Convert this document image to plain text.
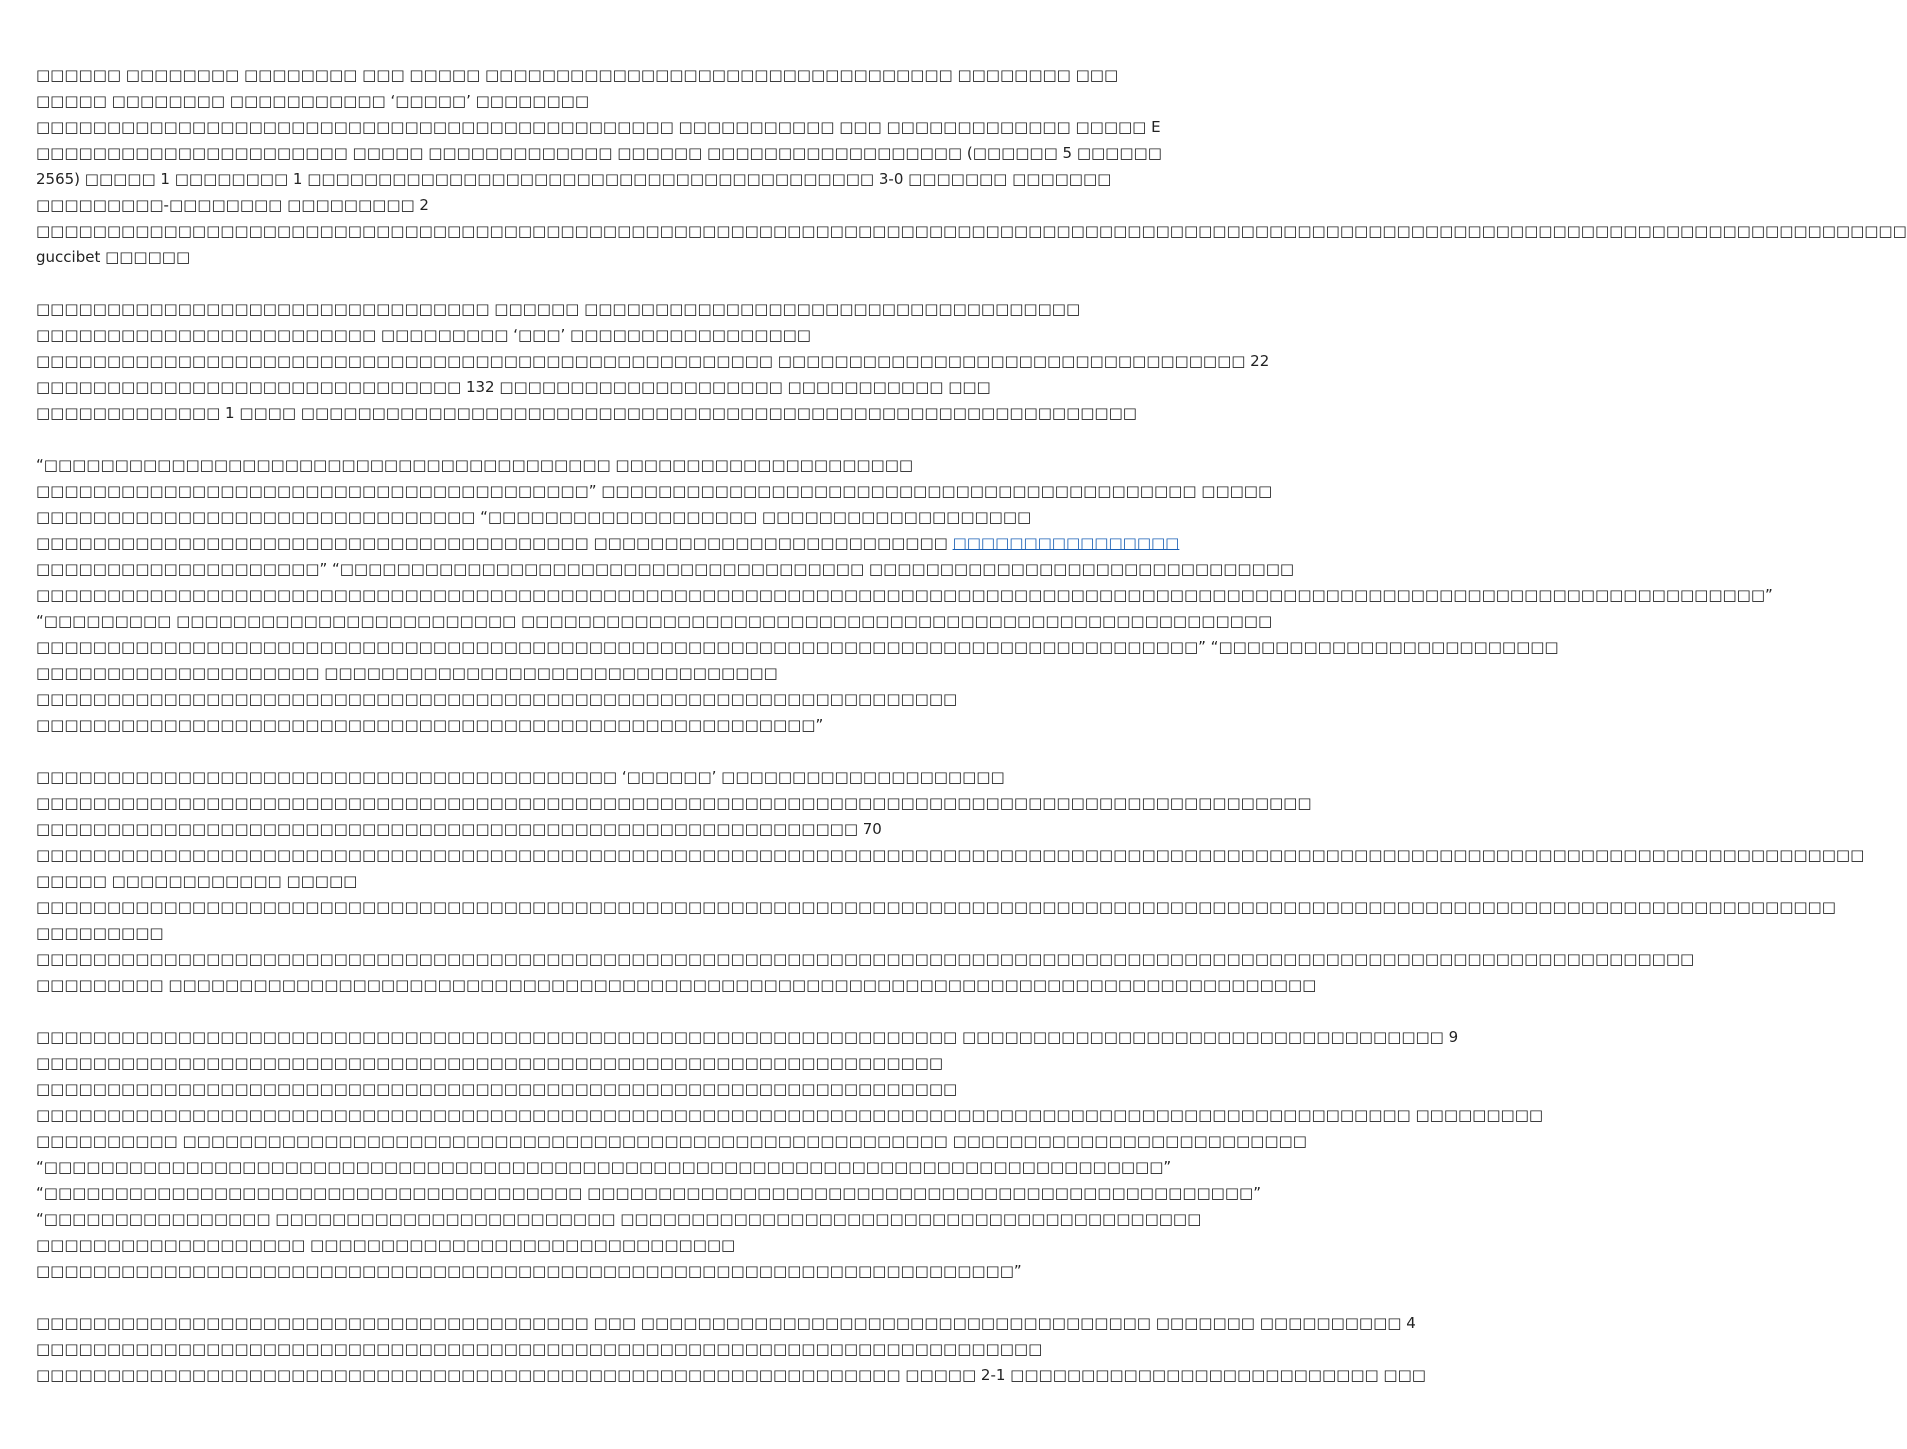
□□□□□□ □□□□□□□□ □□□□□□□□ □□□ □□□□□ □□□□□□□□□□□□□□□□□□□□□□□□□□□□□□□□□ □□□□□□□□ □□□
□□□□□ □□□□□□□□ □□□□□□□□□□□ ‘□□□□□’ □□□□□□□□
□□□□□□□□□□□□□□□□□□□□□□□□□□□□□□□□□□□□□□□□□□□□□ □□□□□□□□□□□ □□□ □□□□□□□□□□□□□ □□□□□ E
□□□□□□□□□□□□□□□□□□□□□□ □□□□□ □□□□□□□□□□□□□ □□□□□□ □□□□□□□□□□□□□□□□□□ (□□□□□□ 5 □□□□□□
2565) □□□□□ 1 □□□□□□□□ 1 □□□□□□□□□□□□□□□□□□□□□□□□□□□□□□□□□□□□□□□□ 3-0 □□□□□□□ □□□□□□□
□□□□□□□□□-□□□□□□□□ □□□□□□□□□ 2
□□□□□□□□□□□□□□□□□□□□□□□□□□□□□□□□□□□□□□□□□□□□□□□□□□□□□□□□□□□□□□□□□□□□□□□□□□□□□□□□□□□□□□□□□□□□□□□□□□□□□□□□□□□□□□□□□□□□□□□□□□□□□□□□□□□□
guccibet □□□□□□
□□□□□□□□□□□□□□□□□□□□□□□□□□□□□□□□ □□□□□□ □□□□□□□□□□□□□□□□□□□□□□□□□□□□□□□□□□□
□□□□□□□□□□□□□□□□□□□□□□□□ □□□□□□□□□ ‘□□□’ □□□□□□□□□□□□□□□□□
□□□□□□□□□□□□□□□□□□□□□□□□□□□□□□□□□□□□□□□□□□□□□□□□□□□□ □□□□□□□□□□□□□□□□□□□□□□□□□□□□□□□□□ 22
□□□□□□□□□□□□□□□□□□□□□□□□□□□□□□ 132 □□□□□□□□□□□□□□□□□□□□ □□□□□□□□□□□ □□□
□□□□□□□□□□□□□ 1 □□□□ □□□□□□□□□□□□□□□□□□□□□□□□□□□□□□□□□□□□□□□□□□□□□□□□□□□□□□□□□□□
“□□□□□□□□□□□□□□□□□□□□□□□□□□□□□□□□□□□□□□□□ □□□□□□□□□□□□□□□□□□□□□
□□□□□□□□□□□□□□□□□□□□□□□□□□□□□□□□□□□□□□□” □□□□□□□□□□□□□□□□□□□□□□□□□□□□□□□□□□□□□□□□□□ □□□□□
□□□□□□□□□□□□□□□□□□□□□□□□□□□□□□□ “□□□□□□□□□□□□□□□□□□□ □□□□□□□□□□□□□□□□□□□
□□□□□□□□□□□□□□□□□□□□□□□□□□□□□□□□□□□□□□□ □□□□□□□□□□□□□□□□□□□□□□□□□ □□□□□□□□□□□□□□□□
□□□□□□□□□□□□□□□□□□□□” “□□□□□□□□□□□□□□□□□□□□□□□□□□□□□□□□□□□□□ □□□□□□□□□□□□□□□□□□□□□□□□□□□□□□
□□□□□□□□□□□□□□□□□□□□□□□□□□□□□□□□□□□□□□□□□□□□□□□□□□□□□□□□□□□□□□□□□□□□□□□□□□□□□□□□□□□□□□□□□□□□□□□□□□□□□□□□□□□□□□□□□□□□□□□□□□”
“□□□□□□□□□ □□□□□□□□□□□□□□□□□□□□□□□□ □□□□□□□□□□□□□□□□□□□□□□□□□□□□□□□□□□□□□□□□□□□□□□□□□□□□□
□□□□□□□□□□□□□□□□□□□□□□□□□□□□□□□□□□□□□□□□□□□□□□□□□□□□□□□□□□□□□□□□□□□□□□□□□□□□□□□□□□” “□□□□□□□□□□□□□□□□□□□□□□□□
□□□□□□□□□□□□□□□□□□□□ □□□□□□□□□□□□□□□□□□□□□□□□□□□□□□□□
□□□□□□□□□□□□□□□□□□□□□□□□□□□□□□□□□□□□□□□□□□□□□□□□□□□□□□□□□□□□□□□□□
□□□□□□□□□□□□□□□□□□□□□□□□□□□□□□□□□□□□□□□□□□□□□□□□□□□□□□□”
□□□□□□□□□□□□□□□□□□□□□□□□□□□□□□□□□□□□□□□□□ ‘□□□□□□’ □□□□□□□□□□□□□□□□□□□□
□□□□□□□□□□□□□□□□□□□□□□□□□□□□□□□□□□□□□□□□□□□□□□□□□□□□□□□□□□□□□□□□□□□□□□□□□□□□□□□□□□□□□□□□□□
□□□□□□□□□□□□□□□□□□□□□□□□□□□□□□□□□□□□□□□□□□□□□□□□□□□□□□□□□□ 70
□□□□□□□□□□□□□□□□□□□□□□□□□□□□□□□□□□□□□□□□□□□□□□□□□□□□□□□□□□□□□□□□□□□□□□□□□□□□□□□□□□□□□□□□□□□□□□□□□□□□□□□□□□□□□□□□□□□□□□□□□□□□□□□□□
□□□□□ □□□□□□□□□□□□ □□□□□
□□□□□□□□□□□□□□□□□□□□□□□□□□□□□□□□□□□□□□□□□□□□□□□□□□□□□□□□□□□□□□□□□□□□□□□□□□□□□□□□□□□□□□□□□□□□□□□□□□□□□□□□□□□□□□□□□□□□□□□□□□□□□□□
□□□□□□□□□
□□□□□□□□□□□□□□□□□□□□□□□□□□□□□□□□□□□□□□□□□□□□□□□□□□□□□□□□□□□□□□□□□□□□□□□□□□□□□□□□□□□□□□□□□□□□□□□□□□□□□□□□□□□□□□□□□□□□□
□□□□□□□□□ □□□□□□□□□□□□□□□□□□□□□□□□□□□□□□□□□□□□□□□□□□□□□□□□□□□□□□□□□□□□□□□□□□□□□□□□□□□□□□□□□
□□□□□□□□□□□□□□□□□□□□□□□□□□□□□□□□□□□□□□□□□□□□□□□□□□□□□□□□□□□□□□□□□ □□□□□□□□□□□□□□□□□□□□□□□□□□□□□□□□□□ 9
□□□□□□□□□□□□□□□□□□□□□□□□□□□□□□□□□□□□□□□□□□□□□□□□□□□□□□□□□□□□□□□□
□□□□□□□□□□□□□□□□□□□□□□□□□□□□□□□□□□□□□□□□□□□□□□□□□□□□□□□□□□□□□□□□□
□□□□□□□□□□□□□□□□□□□□□□□□□□□□□□□□□□□□□□□□□□□□□□□□□□□□□□□□□□□□□□□□□□□□□□□□□□□□□□□□□□□□□□□□□□□□□□□□□ □□□□□□□□□
□□□□□□□□□□ □□□□□□□□□□□□□□□□□□□□□□□□□□□□□□□□□□□□□□□□□□□□□□□□□□□□□□ □□□□□□□□□□□□□□□□□□□□□□□□□
“□□□□□□□□□□□□□□□□□□□□□□□□□□□□□□□□□□□□□□□□□□□□□□□□□□□□□□□□□□□□□□□□□□□□□□□□□□□□□□□”
“□□□□□□□□□□□□□□□□□□□□□□□□□□□□□□□□□□□□□□ □□□□□□□□□□□□□□□□□□□□□□□□□□□□□□□□□□□□□□□□□□□□□□□”
“□□□□□□□□□□□□□□□□ □□□□□□□□□□□□□□□□□□□□□□□□ □□□□□□□□□□□□□□□□□□□□□□□□□□□□□□□□□□□□□□□□□
□□□□□□□□□□□□□□□□□□□ □□□□□□□□□□□□□□□□□□□□□□□□□□□□□□
□□□□□□□□□□□□□□□□□□□□□□□□□□□□□□□□□□□□□□□□□□□□□□□□□□□□□□□□□□□□□□□□□□□□□”
□□□□□□□□□□□□□□□□□□□□□□□□□□□□□□□□□□□□□□□ □□□ □□□□□□□□□□□□□□□□□□□□□□□□□□□□□□□□□□□□ □□□□□□□ □□□□□□□□□□ 4
□□□□□□□□□□□□□□□□□□□□□□□□□□□□□□□□□□□□□□□□□□□□□□□□□□□□□□□□□□□□□□□□□□□□□□□
□□□□□□□□□□□□□□□□□□□□□□□□□□□□□□□□□□□□□□□□□□□□□□□□□□□□□□□□□□□□□ □□□□□ 2-1 □□□□□□□□□□□□□□□□□□□□□□□□□□ □□□
